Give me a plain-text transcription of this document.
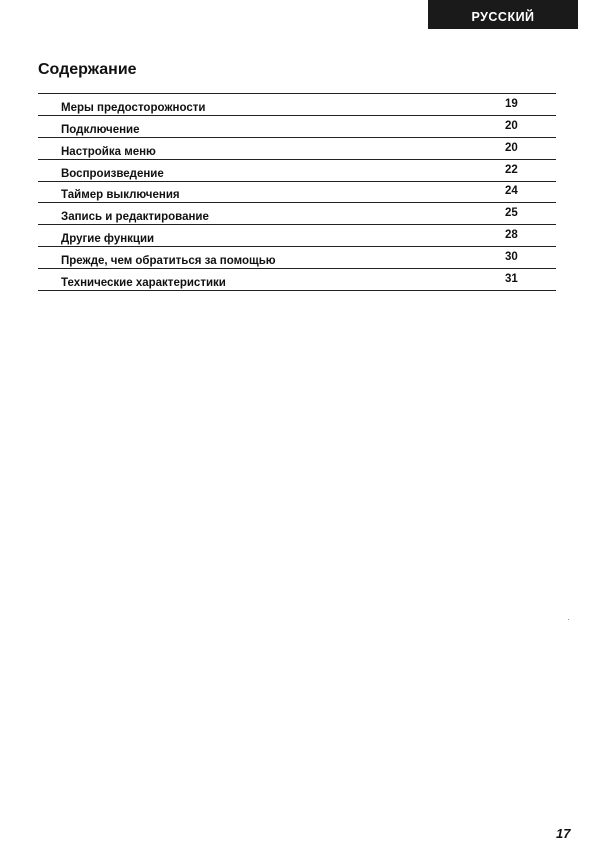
РУССКИЙ
Содержание
Меры предосторожности	19
Подключение	20
Настройка меню	20
Воспроизведение	22
Таймер выключения	24
Запись и редактирование	25
Другие функции	28
Прежде, чем обратиться за помощью	30
Технические характеристики	31
17
